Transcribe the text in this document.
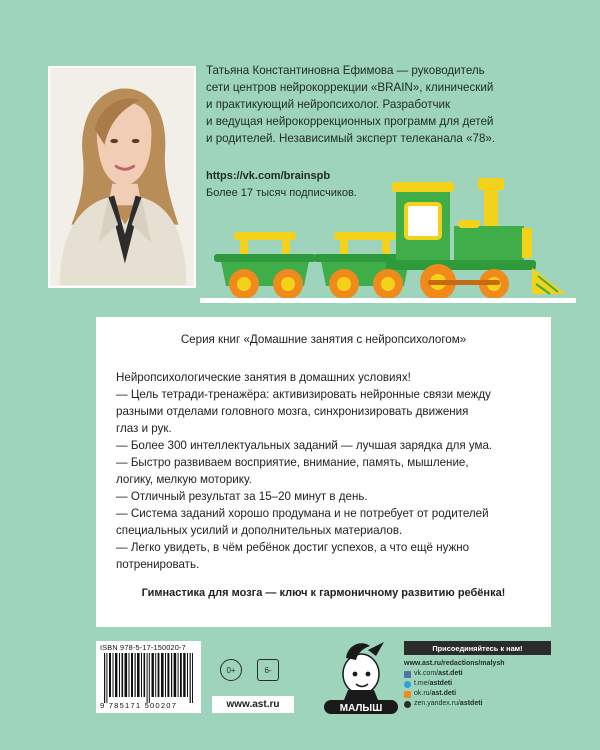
Татьяна Константиновна Ефимова — руководитель
сети центров нейрокоррекции «BRAIN», клинический
и практикующий нейропсихолог. Разработчик
и ведущая нейрокоррекционных программ для детей
и родителей. Независимый эксперт телеканала «78».
https://vk.com/brainspb
Более 17 тысяч подписчиков.
Серия книг «Домашние занятия с нейропсихологом»
Нейропсихологические занятия в домашних условиях!
— Цель тетради-тренажёра: активизировать нейронные связи между
разными отделами головного мозга, синхронизировать движения
глаз и рук.
— Более 300 интеллектуальных заданий — лучшая зарядка для ума.
— Быстро развиваем восприятие, внимание, память, мышление,
логику, мелкую моторику.
— Отличный результат за 15–20 минут в день.
— Система заданий хорошо продумана и не потребует от родителей
специальных усилий и дополнительных материалов.
— Легко увидеть, в чём ребёнок достиг успехов, а что ещё нужно
потренировать.
Гимнастика для мозга — ключ к гармоничному развитию ребёнка!
ISBN 978-5-17-150020-7
9 785171 500207
0+	6-
www.ast.ru	МАЛЫШ
Присоединяйтесь к нам!
www.ast.ru/redactions/malysh
vk.com/ ast.deti
t.me/ astdeti
ok.ru/ ast.deti
zen.yandex.ru/ astdeti
